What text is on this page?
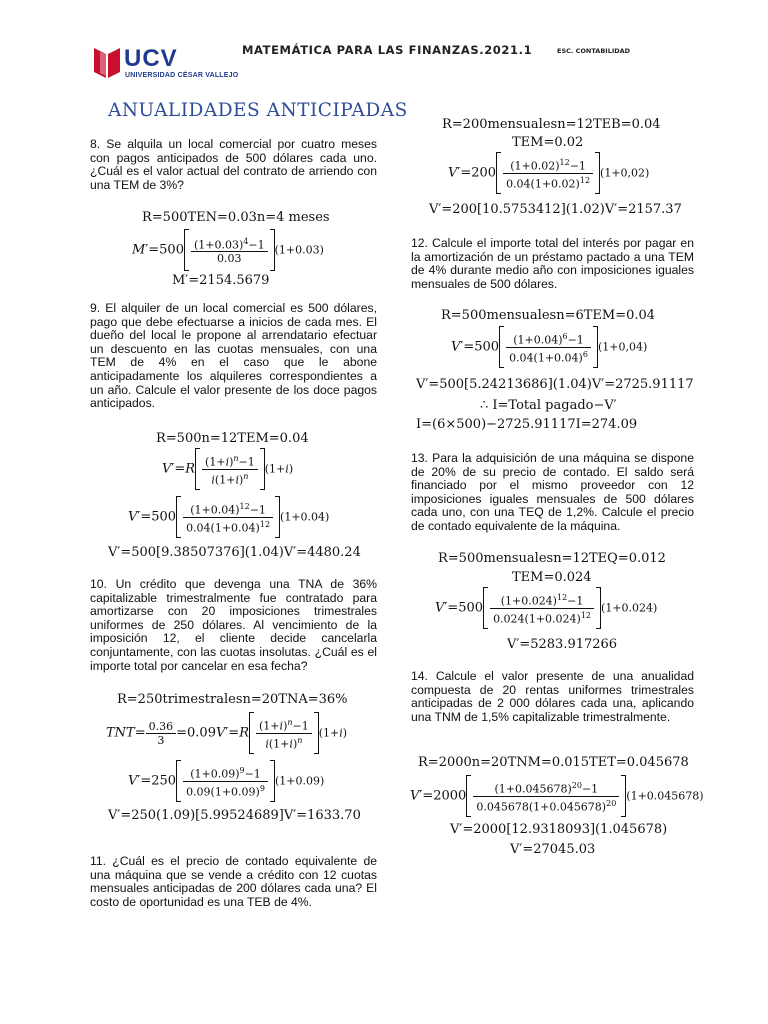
UCV
UNIVERSIDAD CÉSAR VALLEJO
MATEMÁTICA PARA LAS FINANZAS.2021.1	ESC. CONTABILIDAD
ANUALIDADES ANTICIPADAS

8. Se alquila un local comercial por cuatro meses con pagos anticipados de 500 dólares cada uno. ¿Cuál es el valor actual del contrato de arriendo con una TEM de 3%?

R=500TEN=0.03n=4 meses
$M'=500 \frac{(1+0.03)^4-1}{0.03} (1+0.03)$
M′=2154.5679

9. El alquiler de un local comercial es 500 dólares, pago que debe efectuarse a inicios de cada mes. El dueño del local le propone al arrendatario efectuar un descuento en las cuotas mensuales, con una TEM de 4% en el caso que le abone anticipadamente los alquileres correspondientes a un año. Calcule el valor presente de los doce pagos anticipados.

R=500n=12TEM=0.04
$V'=R \frac{(1+i)^n-1}{i(1+i)^n} (1+i)$
$V'=500 \frac{(1+0.04)^{12}-1}{0.04(1+0.04)^{12}} (1+0.04)$
V′=500[9.38507376](1.04)V′=4480.24

10. Un crédito que devenga una TNA de 36% capitalizable trimestralmente fue contratado para amortizarse con 20 imposiciones trimestrales uniformes de 250 dólares. Al vencimiento de la imposición 12, el cliente decide cancelarla conjuntamente, con las cuotas insolutas. ¿Cuál es el importe total por cancelar en esa fecha?

R=250trimestralesn=20TNA=36%
$TNT= \frac{0.36}{3} =0.09V'=R \frac{(1+i)^n-1}{i(1+i)^n} (1+i)$
$V'=250 \frac{(1+0.09)^9-1}{0.09(1+0.09)^9} (1+0.09)$
V′=250(1.09)[5.99524689]V′=1633.70

11. ¿Cuál es el precio de contado equivalente de una máquina que se vende a crédito con 12 cuotas mensuales anticipadas de 200 dólares cada una? El costo de oportunidad es una TEB de 4%.

R=200mensualesn=12TEB=0.04
TEM=0.02
$V'=200 \frac{(1+0.02)^{12}-1}{0.04(1+0.02)^{12}} (1+0,02)$
V′=200[10.5753412](1.02)V′=2157.37

12. Calcule el importe total del interés por pagar en la amortización de un préstamo pactado a una TEM de 4% durante medio año con imposiciones iguales mensuales de 500 dólares.

R=500mensualesn=6TEM=0.04
$V'=500 \frac{(1+0.04)^6-1}{0.04(1+0.04)^6} (1+0,04)$
V′=500[5.24213686](1.04)V′=2725.91117
∴ I=Total pagado−V′
I=(6×500)−2725.91117I=274.09

13. Para la adquisición de una máquina se dispone de 20% de su precio de contado. El saldo será financiado por el mismo proveedor con 12 imposiciones iguales mensuales de 500 dólares cada uno, con una TEQ de 1,2%. Calcule el precio de contado equivalente de la máquina.

R=500mensualesn=12TEQ=0.012
TEM=0.024
$V'=500 \frac{(1+0.024)^{12}-1}{0.024(1+0.024)^{12}} (1+0.024)$
V′=5283.917266

14. Calcule el valor presente de una anualidad compuesta de 20 rentas uniformes trimestrales anticipadas de 2 000 dólares cada una, aplicando una TNM de 1,5% capitalizable trimestralmente.

R=2000n=20TNM=0.015TET=0.045678
$V'=2000 \frac{(1+0.045678)^{20}-1}{0.045678(1+0.045678)^{20}} (1+0.045678)$
V′=2000[12.9318093](1.045678)
V′=27045.03
